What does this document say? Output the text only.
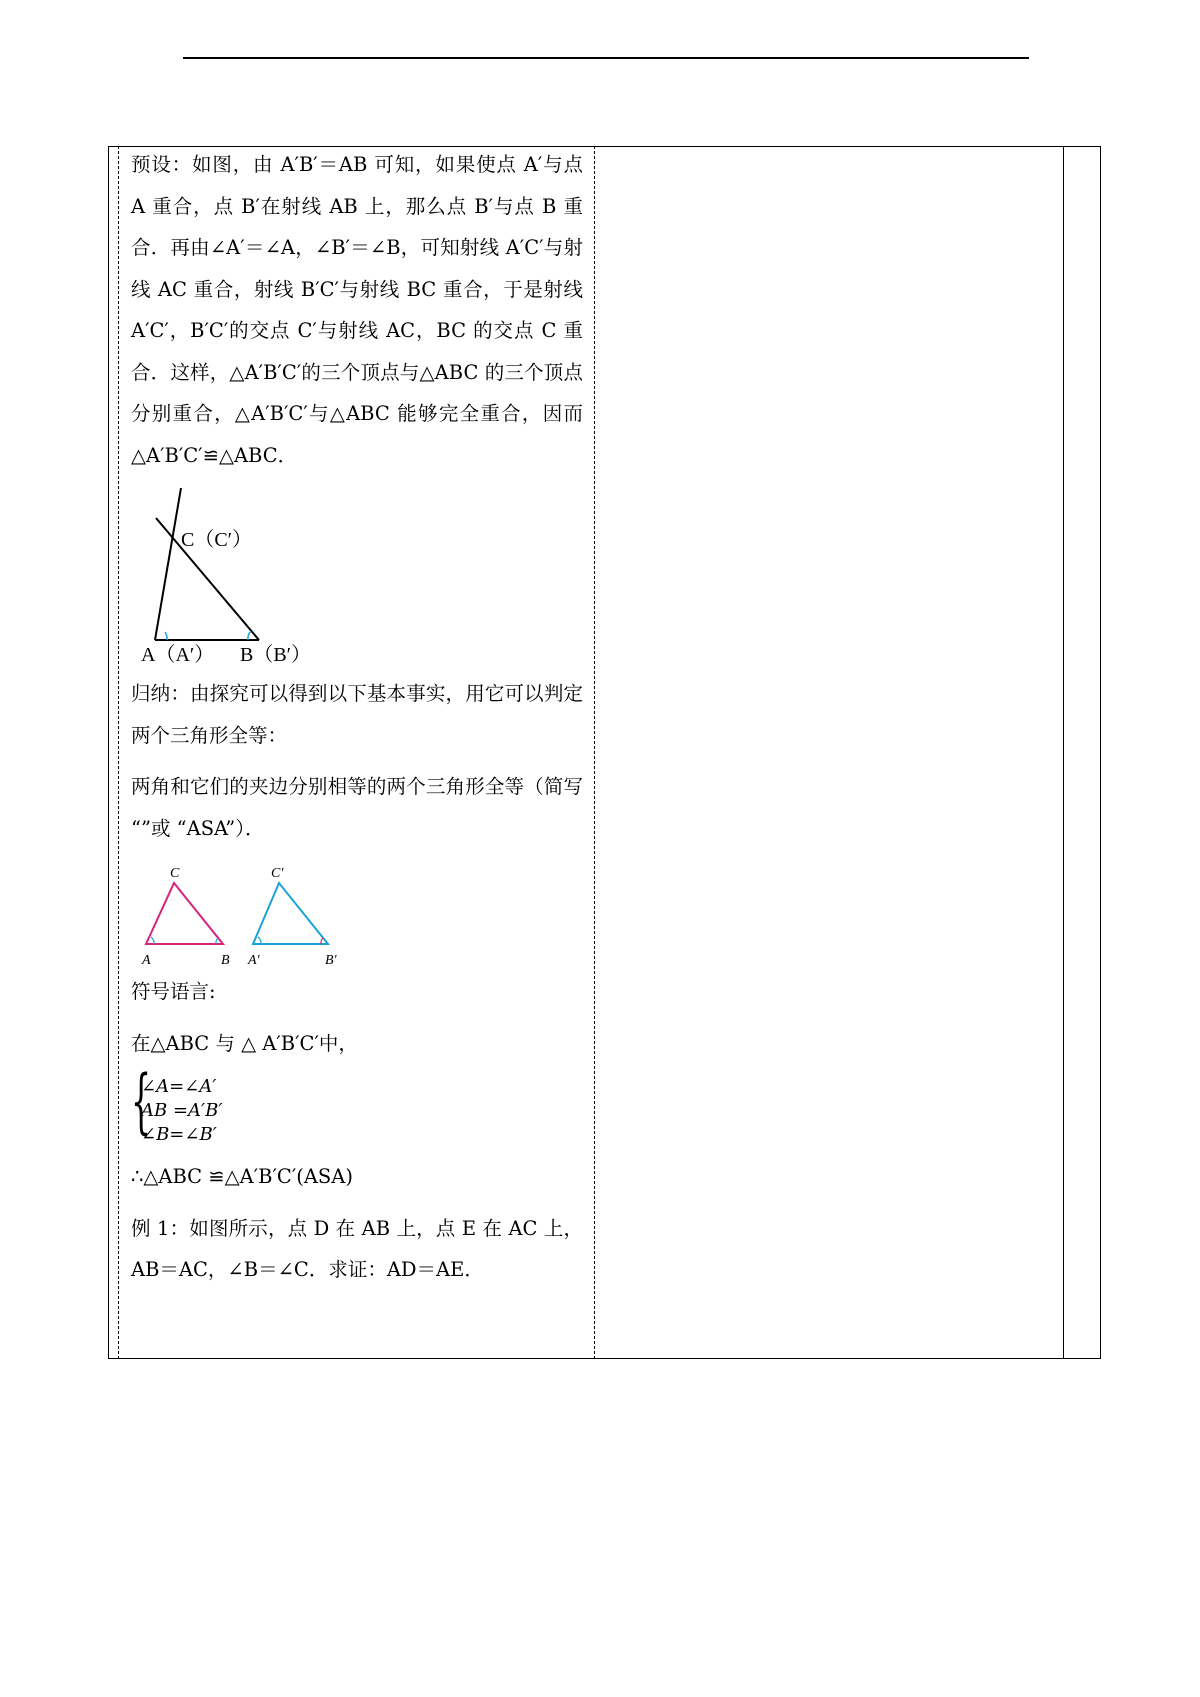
预设：如图，由 A′B′＝AB 可知，如果使点 A′与点 A 重合，点 B′在射线 AB 上，那么点 B′与点 B 重合．再由∠A′＝∠A，∠B′＝∠B，可知射线 A′C′与射线 AC 重合，射线 B′C′与射线 BC 重合，于是射线 A′C′，B′C′的交点 C′与射线 AC，BC 的交点 C 重合．这样，△A′B′C′的三个顶点与△ABC 的三个顶点分别重合，△A′B′C′与△ABC 能够完全重合，因而△A′B′C′≌△ABC．

C（C′）
A（A′） B（B′）

归纳：由探究可以得到以下基本事实，用它可以判定两个三角形全等：

两角和它们的夹边分别相等的两个三角形全等（简写 “”或 “ASA”）．

C
A	B
C′
A′	B′

符号语言:

在△ABC 与 △ A′B′C′中，

{
∠A=∠A′
AB =A′B′
∠B=∠B′

∴△ABC ≌△A′B′C′(ASA)

例 1：如图所示，点 D 在 AB 上，点 E 在 AC 上，AB＝AC，∠B＝∠C．求证：AD＝AE．
